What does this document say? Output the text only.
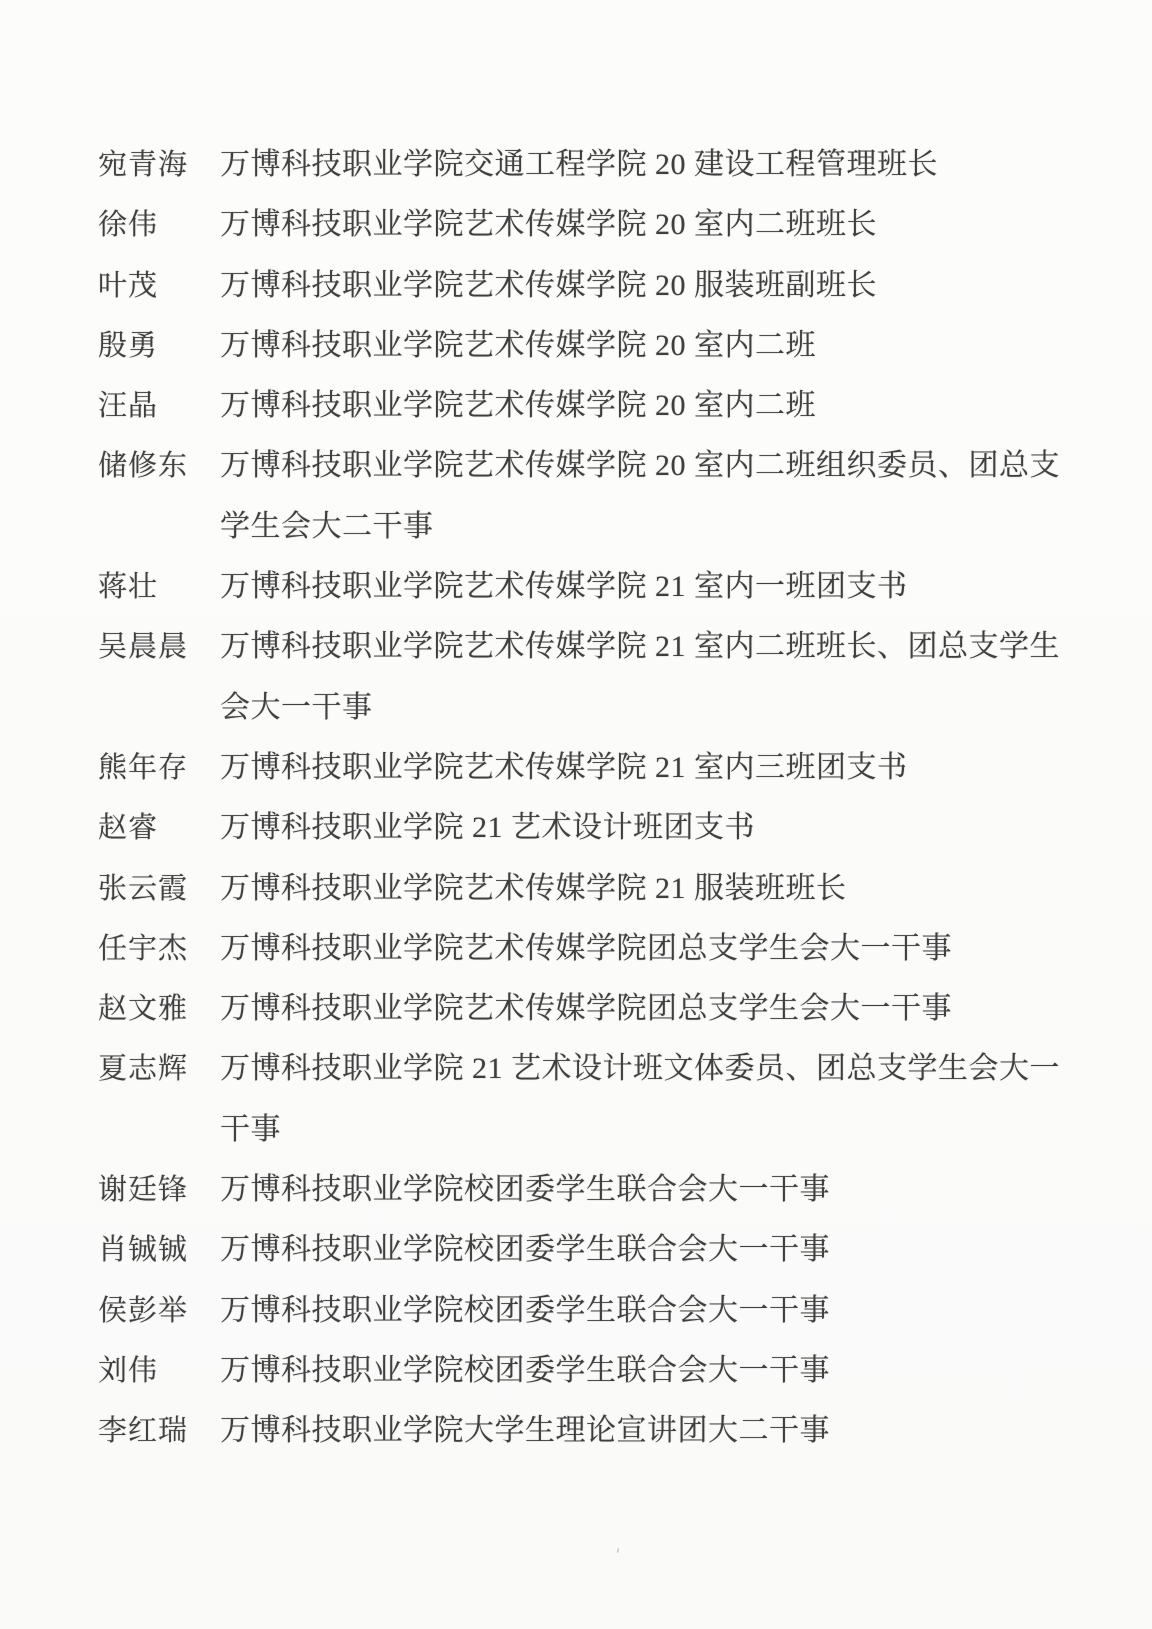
宛青海	万博科技职业学院交通工程学院 20 建设工程管理班长
徐伟	万博科技职业学院艺术传媒学院 20 室内二班班长
叶茂	万博科技职业学院艺术传媒学院 20 服装班副班长
殷勇	万博科技职业学院艺术传媒学院 20 室内二班
汪晶	万博科技职业学院艺术传媒学院 20 室内二班
储修东	万博科技职业学院艺术传媒学院 20 室内二班组织委员、团总支
学生会大二干事
蒋壮	万博科技职业学院艺术传媒学院 21 室内一班团支书
吴晨晨	万博科技职业学院艺术传媒学院 21 室内二班班长、团总支学生
会大一干事
熊年存	万博科技职业学院艺术传媒学院 21 室内三班团支书
赵睿	万博科技职业学院 21 艺术设计班团支书
张云霞	万博科技职业学院艺术传媒学院 21 服装班班长
任宇杰	万博科技职业学院艺术传媒学院团总支学生会大一干事
赵文雅	万博科技职业学院艺术传媒学院团总支学生会大一干事
夏志辉	万博科技职业学院 21 艺术设计班文体委员、团总支学生会大一
干事
谢廷锋	万博科技职业学院校团委学生联合会大一干事
肖铖铖	万博科技职业学院校团委学生联合会大一干事
侯彭举	万博科技职业学院校团委学生联合会大一干事
刘伟	万博科技职业学院校团委学生联合会大一干事
李红瑞	万博科技职业学院大学生理论宣讲团大二干事
'
